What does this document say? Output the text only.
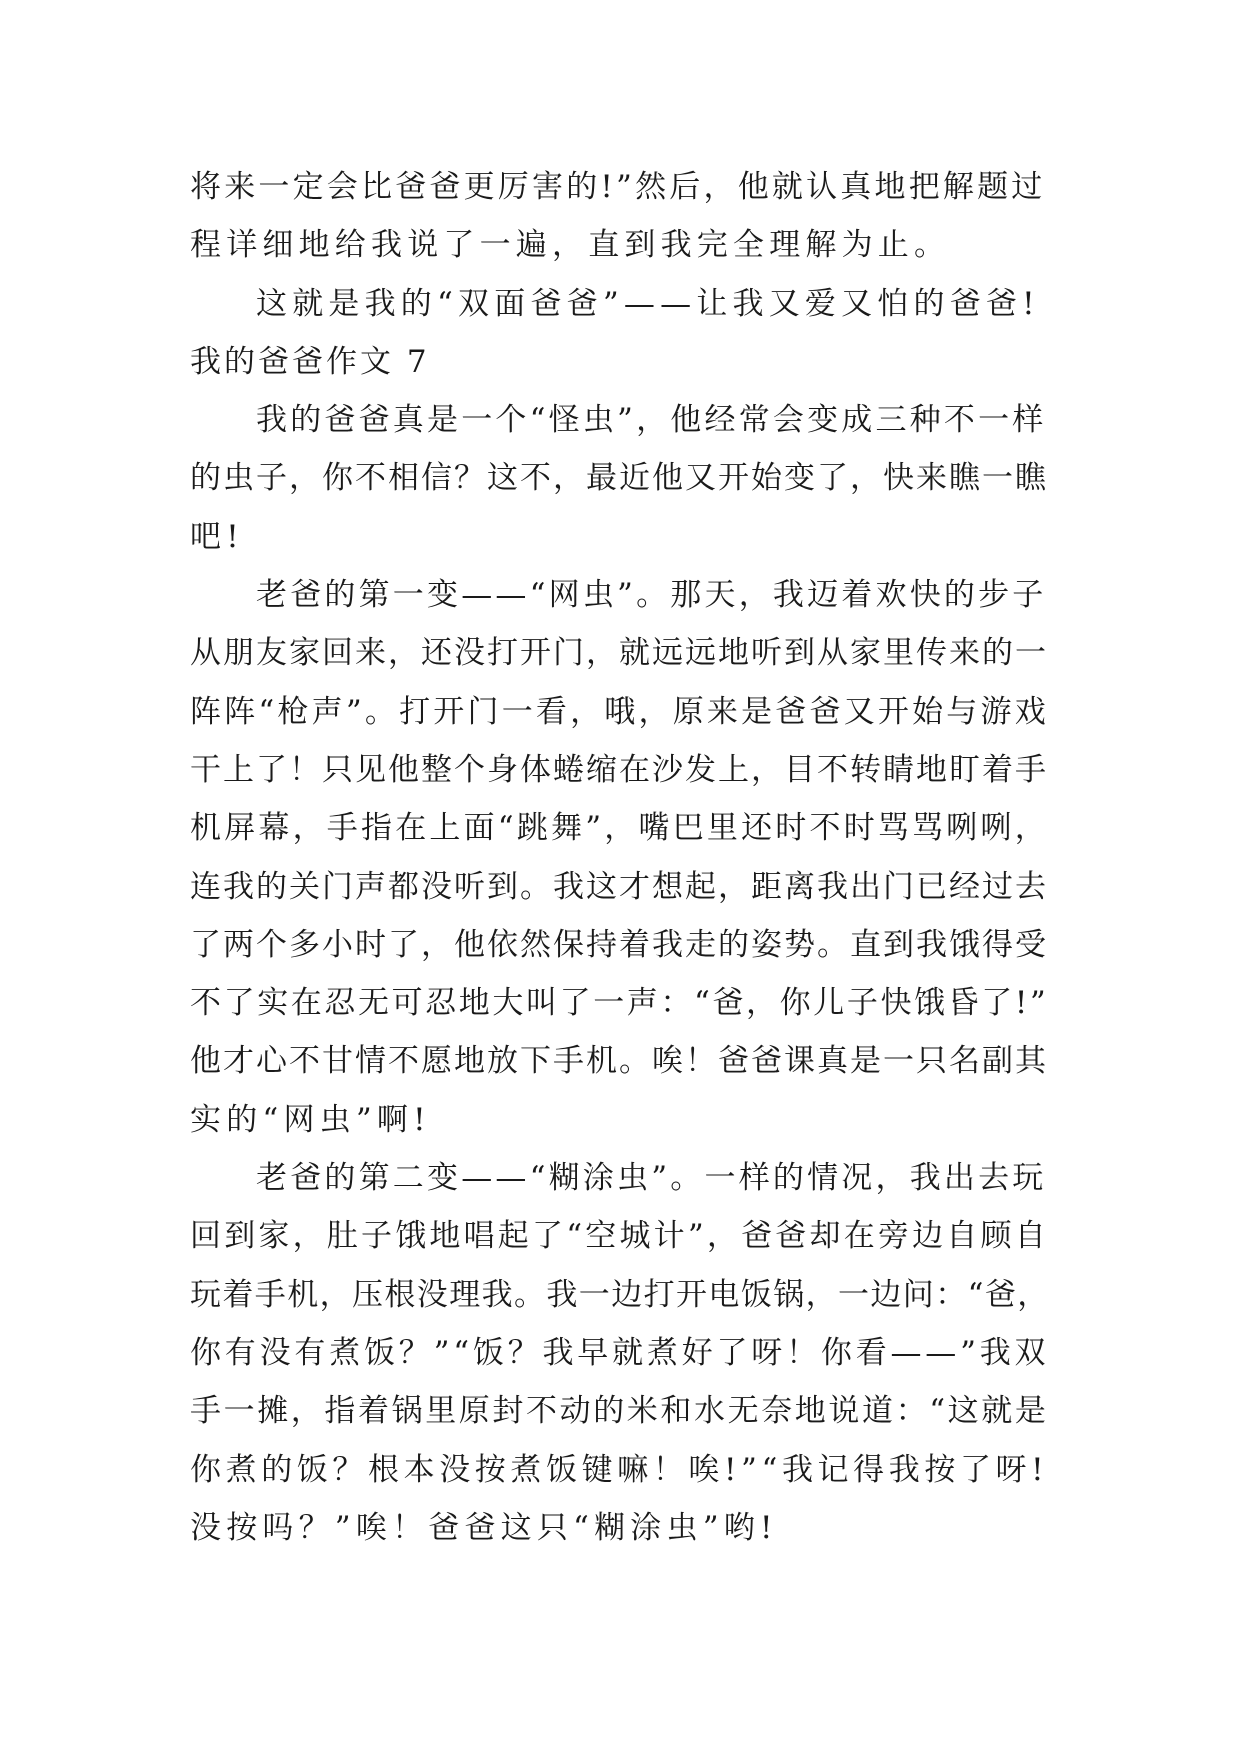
将来一定会比爸爸更厉害的!”然后，他就认真地把解题过
程详细地给我说了一遍，直到我完全理解为止。
这就是我的“双面爸爸”——让我又爱又怕的爸爸!
我的爸爸作文 7
我的爸爸真是一个“怪虫”，他经常会变成三种不一样
的虫子，你不相信？这不，最近他又开始变了，快来瞧一瞧
吧!
老爸的第一变——“网虫”。那天，我迈着欢快的步子
从朋友家回来，还没打开门，就远远地听到从家里传来的一
阵阵“枪声”。打开门一看，哦，原来是爸爸又开始与游戏
干上了！只见他整个身体蜷缩在沙发上，目不转睛地盯着手
机屏幕，手指在上面“跳舞”，嘴巴里还时不时骂骂咧咧，
连我的关门声都没听到。我这才想起，距离我出门已经过去
了两个多小时了，他依然保持着我走的姿势。直到我饿得受
不了实在忍无可忍地大叫了一声：“爸，你儿子快饿昏了!”
他才心不甘情不愿地放下手机。唉！爸爸课真是一只名副其
实的“网虫”啊!
老爸的第二变——“糊涂虫”。一样的情况，我出去玩
回到家，肚子饿地唱起了“空城计”，爸爸却在旁边自顾自
玩着手机，压根没理我。我一边打开电饭锅，一边问：“爸，
你有没有煮饭？”“饭？我早就煮好了呀！你看——”我双
手一摊，指着锅里原封不动的米和水无奈地说道：“这就是
你煮的饭？根本没按煮饭键嘛！唉!”“我记得我按了呀!
没按吗？”唉！爸爸这只“糊涂虫”哟!
